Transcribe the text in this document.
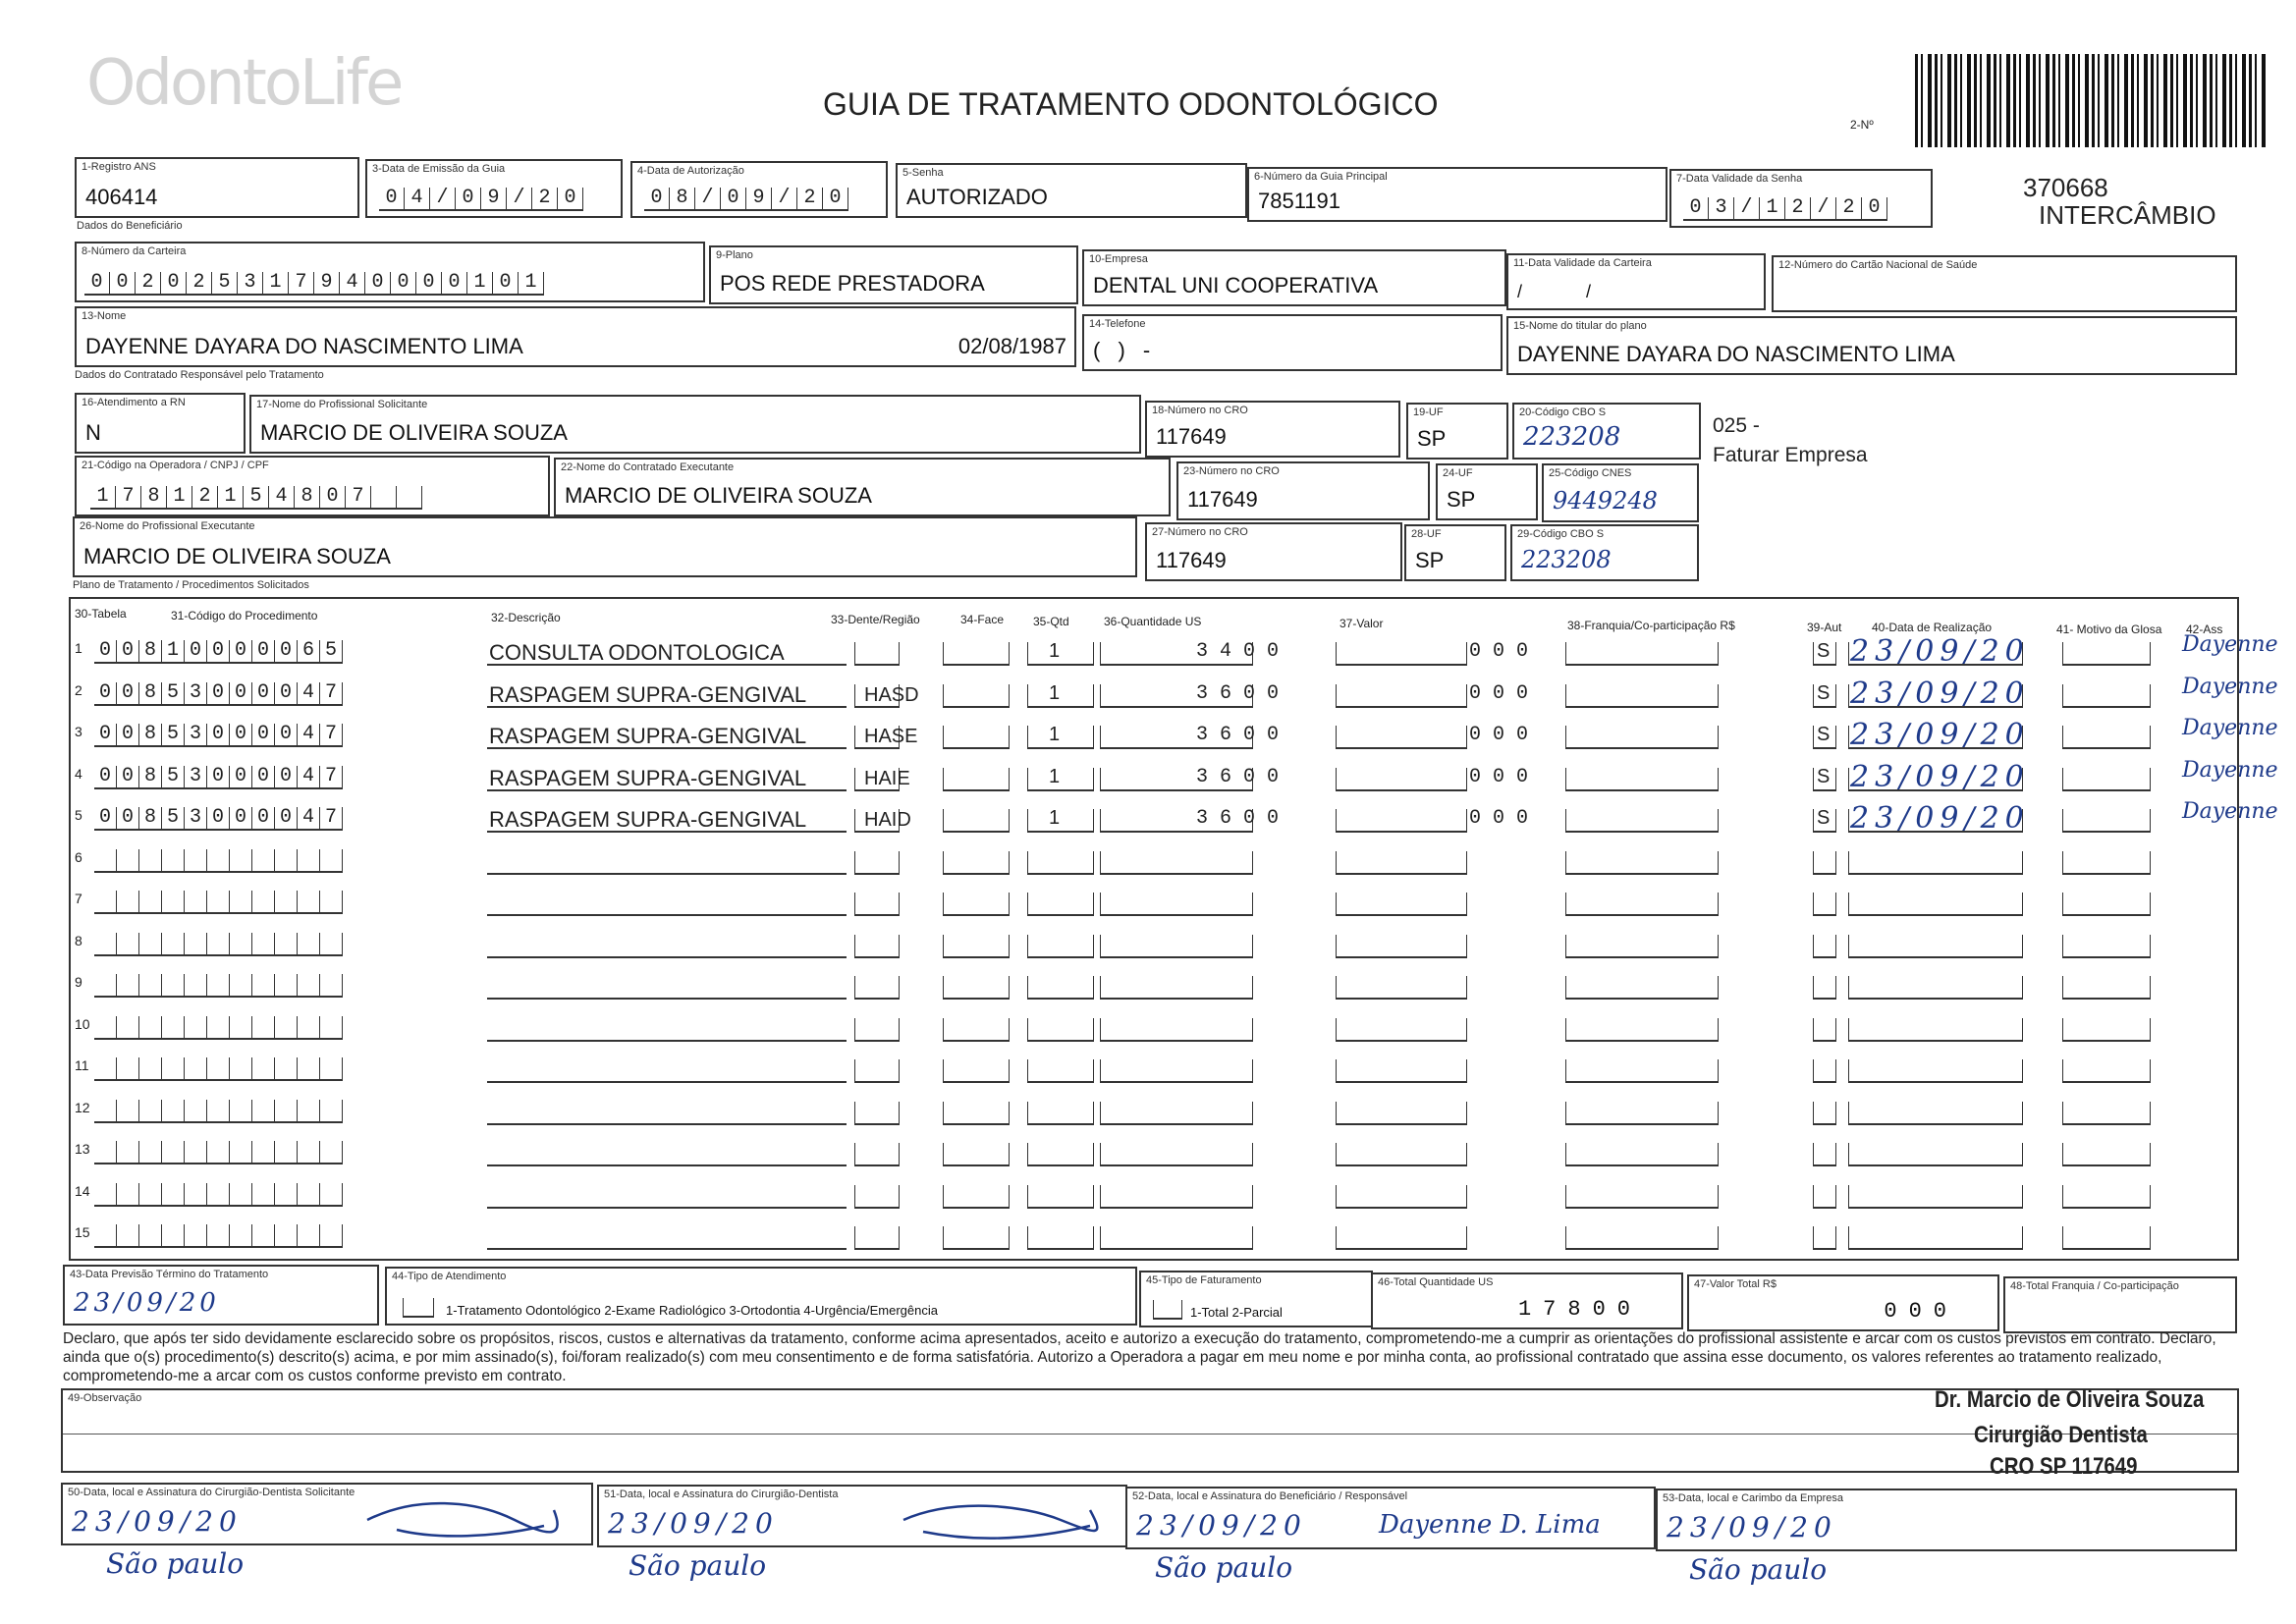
OdontoLife	GUIA DE TRATAMENTO ODONTOLÓGICO
2-Nº
370668
INTERCÂMBIO
1-Registro ANS
406414
3-Data de Emissão da Guia
0 4 / 0 9 / 2 0
4-Data de Autorização
0 8 / 0 9 / 2 0
5-Senha
AUTORIZADO
6-Número da Guia Principal
7851191
7-Data Validade da Senha
0 3 / 1 2 / 2 0
Dados do Beneficiário
8-Número da Carteira
0 0 2 0 2 5 3 1 7 9 4 0 0 0 0 1 0 1
9-Plano
POS REDE PRESTADORA
10-Empresa
DENTAL UNI COOPERATIVA
11-Data Validade da Carteira
/ /
12-Número do Cartão Nacional de Saúde
13-Nome
DAYENNE DAYARA DO NASCIMENTO LIMA	02/08/1987
14-Telefone
( ) -
15-Nome do titular do plano
DAYENNE DAYARA DO NASCIMENTO LIMA
Dados do Contratado Responsável pelo Tratamento
16-Atendimento a RN
N
17-Nome do Profissional Solicitante
MARCIO DE OLIVEIRA SOUZA
18-Número no CRO
117649
19-UF
SP
20-Código CBO S
223208	025 -
Faturar Empresa
21-Código na Operadora / CNPJ / CPF
1 7 8 1 2 1 5 4 8 0 7
22-Nome do Contratado Executante
MARCIO DE OLIVEIRA SOUZA
23-Número no CRO
117649
24-UF
SP
25-Código CNES
9449248
26-Nome do Profissional Executante
MARCIO DE OLIVEIRA SOUZA
27-Número no CRO
117649
28-UF
SP
29-Código CBO S
223208
Plano de Tratamento / Procedimentos Solicitados
30-Tabela	31-Código do Procedimento	32-Descrição	33-Dente/Região	34-Face 35-Qtd	36-Quantidade US	37-Valor	38-Franquia/Co-participação R$	39-Aut	40-Data de Realização	41- Motivo da Glosa 42-Ass
1 0 0 8 1 0 0 0 0 0 6 5	CONSULTA ODONTOLOGICA	1	3400	000	S 23/09/20	Dayenne
2 0 0 8 5 3 0 0 0 0 4 7	RASPAGEM SUPRA-GENGIVAL	HASD	1	3600	000	S 23/09/20	Dayenne
3 0 0 8 5 3 0 0 0 0 4 7	RASPAGEM SUPRA-GENGIVAL	HASE	1	3600	000	S 23/09/20	Dayenne
4 0 0 8 5 3 0 0 0 0 4 7	RASPAGEM SUPRA-GENGIVAL	HAIE	1	3600	000	S 23/09/20	Dayenne
5 0 0 8 5 3 0 0 0 0 4 7	RASPAGEM SUPRA-GENGIVAL	HAID	1	3600	000	S 23/09/20	Dayenne
6
7
8
9
10
11
12
13
14
15
43-Data Previsão Término do Tratamento
23/09/20
44-Tipo de Atendimento
1-Tratamento Odontológico 2-Exame Radiológico 3-Ortodontia 4-Urgência/Emergência
45-Tipo de Faturamento
1-Total 2-Parcial
46-Total Quantidade US
17800
47-Valor Total R$
000
48-Total Franquia / Co-participação
Declaro, que após ter sido devidamente esclarecido sobre os propósitos, riscos, custos e alternativas da tratamento, conforme acima apresentados, aceito e autorizo a execução do tratamento, comprometendo-me a cumprir as orientações do profissional assistente e arcar com os custos previstos em contrato. Declaro, ainda que o(s) procedimento(s) descrito(s) acima, e por mim assinado(s), foi/foram realizado(s) com meu consentimento e de forma satisfatória. Autorizo a Operadora a pagar em meu nome e por minha conta, ao profissional contratado que assina esse documento, os valores referentes ao tratamento realizado, comprometendo-me a arcar com os custos conforme previsto em contrato.
49-Observação	Dr. Marcio de Oliveira Souza
Cirurgião Dentista
CRO SP 117649
50-Data, local e Assinatura do Cirurgião-Dentista Solicitante
23/09/20
51-Data, local e Assinatura do Cirurgião-Dentista
23/09/20
52-Data, local e Assinatura do Beneficiário / Responsável
23/09/20	Dayenne D. Lima
53-Data, local e Carimbo da Empresa
23/09/20
São paulo	São paulo	São paulo	São paulo
